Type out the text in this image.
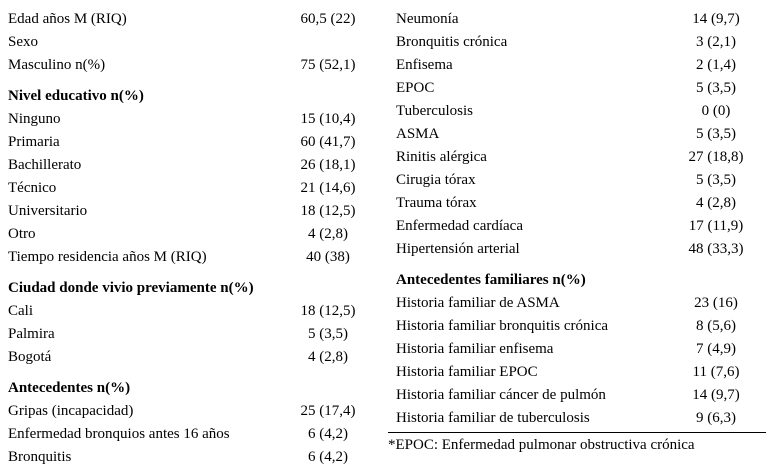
Edad años M (RIQ)	60,5 (22)
Sexo
Masculino n(%)	75 (52,1)
Nivel educativo n(%)
Ninguno	15 (10,4)
Primaria	60 (41,7)
Bachillerato	26 (18,1)
Técnico	21 (14,6)
Universitario	18 (12,5)
Otro	4 (2,8)
Tiempo residencia años M (RIQ)	40 (38)
Ciudad donde vivio previamente n(%)
Cali	18 (12,5)
Palmira	5 (3,5)
Bogotá	4 (2,8)
Antecedentes n(%)
Gripas (incapacidad)	25 (17,4)
Enfermedad bronquios antes 16 años	6 (4,2)
Bronquitis	6 (4,2)
Neumonía	14 (9,7)
Bronquitis crónica	3 (2,1)
Enfisema	2 (1,4)
EPOC	5 (3,5)
Tuberculosis	0 (0)
ASMA	5 (3,5)
Rinitis alérgica	27 (18,8)
Cirugia tórax	5 (3,5)
Trauma tórax	4 (2,8)
Enfermedad cardíaca	17 (11,9)
Hipertensión arterial	48 (33,3)
Antecedentes familiares n(%)
Historia familiar de ASMA	23 (16)
Historia familiar bronquitis crónica	8 (5,6)
Historia familiar enfisema	7 (4,9)
Historia familiar EPOC	11 (7,6)
Historia familiar cáncer de pulmón	14 (9,7)
Historia familiar de tuberculosis	9 (6,3)
*EPOC: Enfermedad pulmonar obstructiva crónica
